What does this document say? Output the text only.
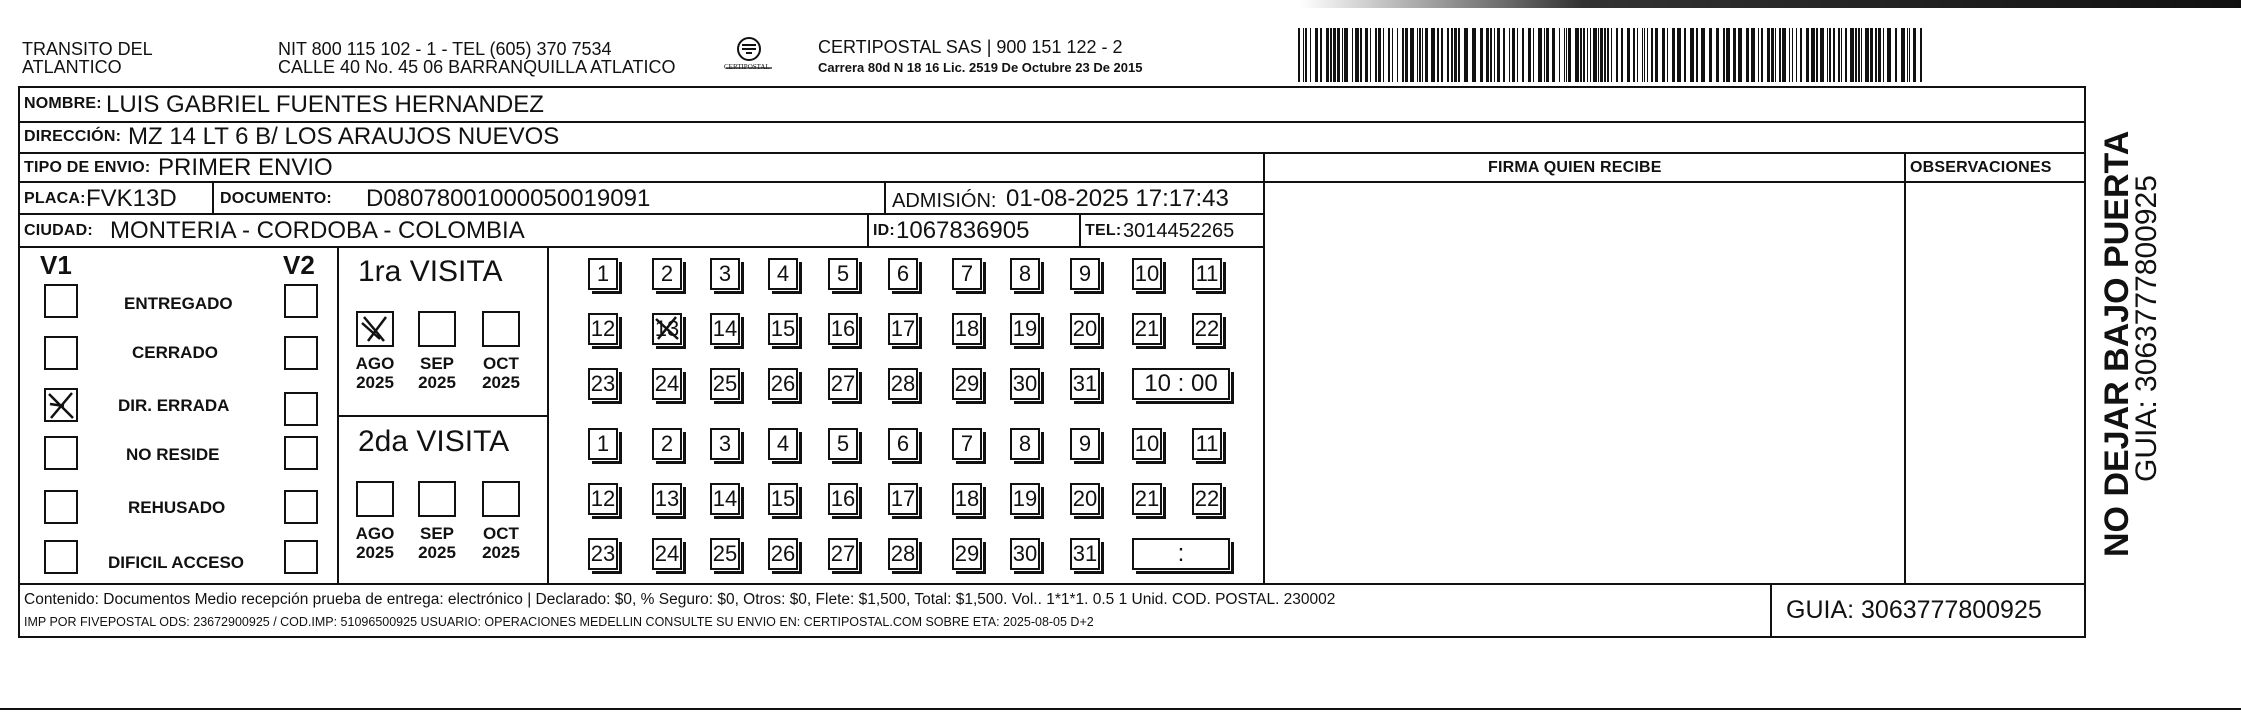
TRANSITO DEL
ATLANTICO
NIT 800 115 102 - 1 - TEL (605) 370 7534
CALLE 40 No. 45 06 BARRANQUILLA ATLATICO	CERTIPOSTAL
CERTIPOSTAL SAS | 900 151 122 - 2
Carrera 80d N 18 16 Lic. 2519 De Octubre 23 De 2015
NOMBRE: LUIS GABRIEL FUENTES HERNANDEZ
DIRECCIÓN: MZ 14 LT 6 B/ LOS ARAUJOS NUEVOS
TIPO DE ENVIO: PRIMER ENVIO	FIRMA QUIEN RECIBE	OBSERVACIONES
PLACA: FVK13D	DOCUMENTO: D08078001000050019091	ADMISIÓN: 01-08-2025 17:17:43
CIUDAD: MONTERIA - CORDOBA - COLOMBIA	ID: 1067836905	TEL: 3014452265
V1	V2
ENTREGADO
CERRADO
DIR. ERRADA
NO RESIDE
REHUSADO
DIFICIL ACCESO
1ra VISITA
AGO
2025
SEP
2025
OCT
2025
2da VISITA
AGO
2025
SEP
2025
OCT
2025
1	2	3	4	5	6	7	8	9	10 11
12 13 14 15 16 17 18 19 20 21 22
23 24 25 26 27 28 29 30 31	10 : 00
1	2	3	4	5	6	7	8	9	10 11
12 13 14 15 16 17 18 19 20 21 22
23 24 25 26 27 28 29 30 31	:
Contenido: Documentos Medio recepción prueba de entrega: electrónico | Declarado: $0, % Seguro: $0, Otros: $0, Flete: $1,500, Total: $1,500. Vol.. 1*1*1. 0.5 1 Unid. COD. POSTAL. 230002
IMP POR FIVEPOSTAL ODS: 23672900925 / COD.IMP: 51096500925 USUARIO: OPERACIONES MEDELLIN CONSULTE SU ENVIO EN: CERTIPOSTAL.COM SOBRE ETA: 2025-08-05 D+2	GUIA: 3063777800925
NO DEJAR BAJO PUERTA
GUIA: 3063777800925
